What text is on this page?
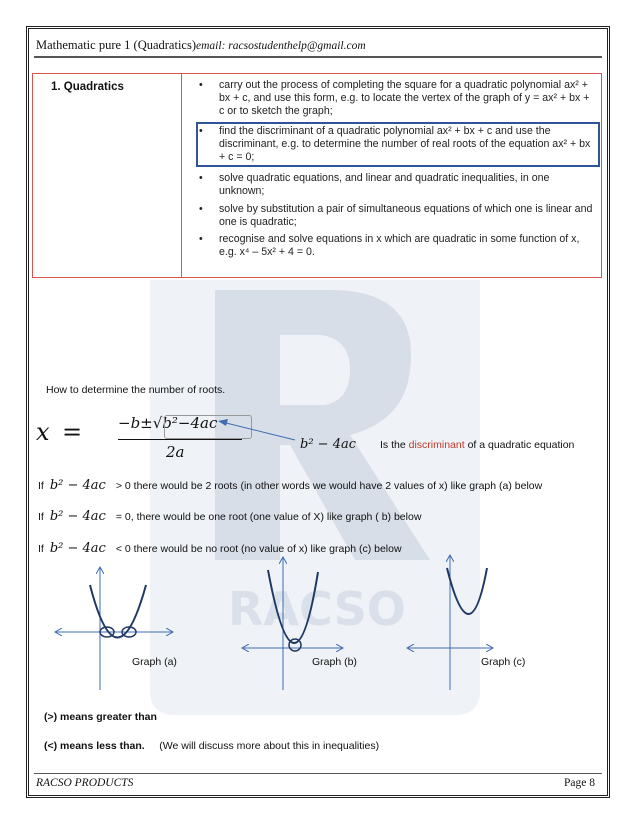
RACSO
Mathematic pure 1 (Quadratics)email: racsostudenthelp@gmail.com
1. Quadratics	• carry out the process of completing the square for a quadratic polynomial ax² + bx + c, and use this form, e.g. to locate the vertex of the graph of y = ax² + bx + c or to sketch the graph;
• find the discriminant of a quadratic polynomial ax² + bx + c and use the discriminant, e.g. to determine the number of real roots of the equation ax² + bx + c = 0;
• solve quadratic equations, and linear and quadratic inequalities, in one unknown;
• solve by substitution a pair of simultaneous equations of which one is linear and one is quadratic;
• recognise and solve equations in x which are quadratic in some function of x, e.g. x⁴ – 5x² + 4 = 0.
How to determine the number of roots.
x = −b±√b²−4ac
2a	b² − 4ac Is the discriminant of a quadratic equation
If b² − 4ac > 0 there would be 2 roots (in other words we would have 2 values of x) like graph (a) below
If b² − 4ac = 0, there would be one root (one value of X) like graph ( b) below
If b² − 4ac < 0 there would be no root (no value of x) like graph (c) below
Graph (a)	Graph (b)	Graph (c)
(>) means greater than
(<) means less than. (We will discuss more about this in inequalities)
RACSO PRODUCTS	Page 8
